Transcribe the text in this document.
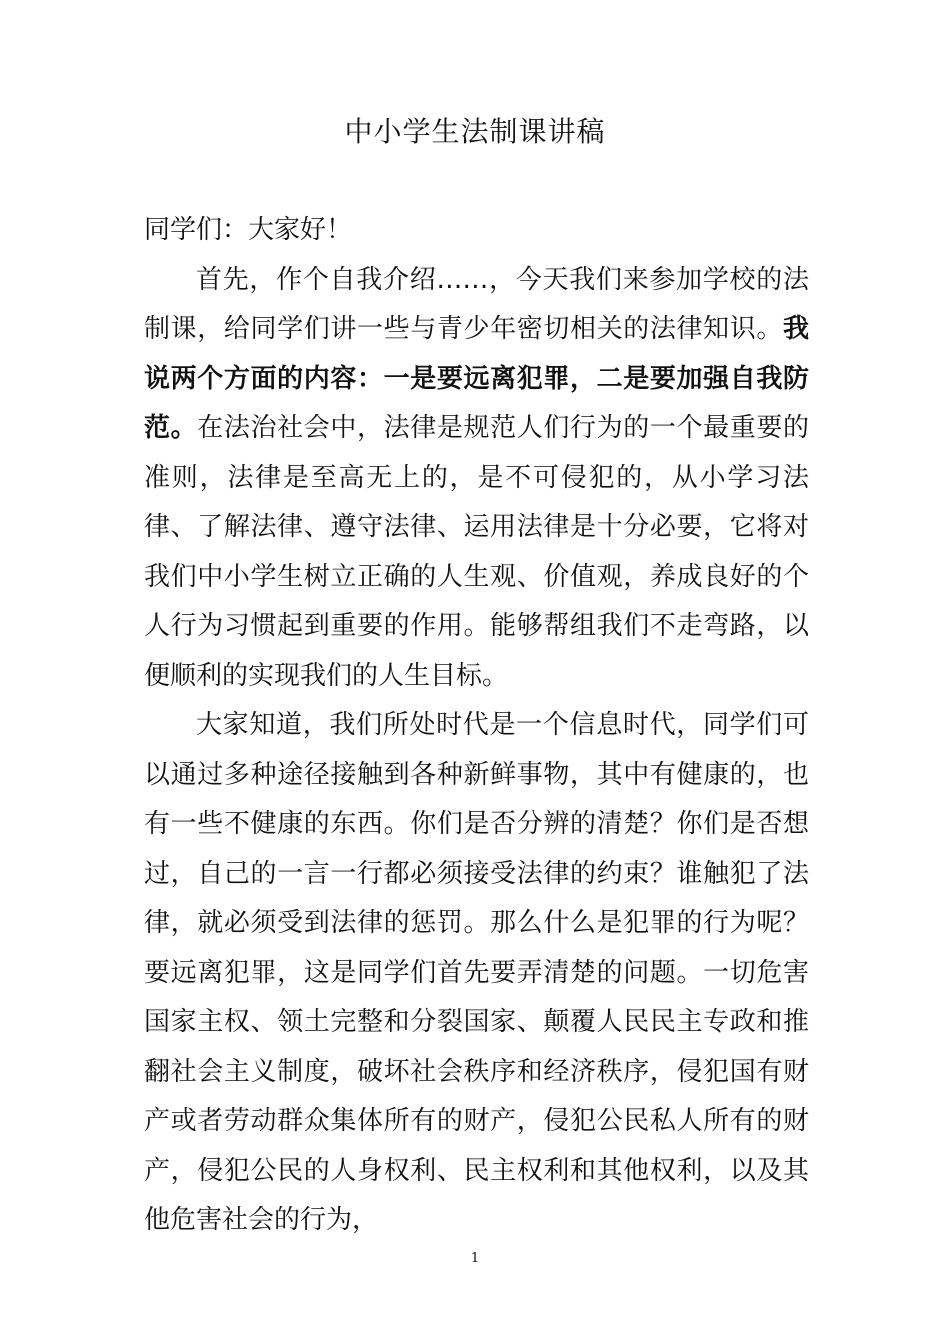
中小学生法制课讲稿

同学们：大家好！

首先，作个自我介绍……，今天我们来参加学校的法制课，给同学们讲一些与青少年密切相关的法律知识。我说两个方面的内容：一是要远离犯罪，二是要加强自我防范。在法治社会中，法律是规范人们行为的一个最重要的准则，法律是至高无上的，是不可侵犯的，从小学习法律、了解法律、遵守法律、运用法律是十分必要，它将对我们中小学生树立正确的人生观、价值观，养成良好的个人行为习惯起到重要的作用。能够帮组我们不走弯路，以便顺利的实现我们的人生目标。

大家知道，我们所处时代是一个信息时代，同学们可以通过多种途径接触到各种新鲜事物，其中有健康的，也有一些不健康的东西。你们是否分辨的清楚？你们是否想过，自己的一言一行都必须接受法律的约束？谁触犯了法律，就必须受到法律的惩罚。那么什么是犯罪的行为呢？要远离犯罪，这是同学们首先要弄清楚的问题。一切危害国家主权、领土完整和分裂国家、颠覆人民民主专政和推翻社会主义制度，破坏社会秩序和经济秩序，侵犯国有财产或者劳动群众集体所有的财产，侵犯公民私人所有的财产，侵犯公民的人身权利、民主权利和其他权利，以及其他危害社会的行为，

1
